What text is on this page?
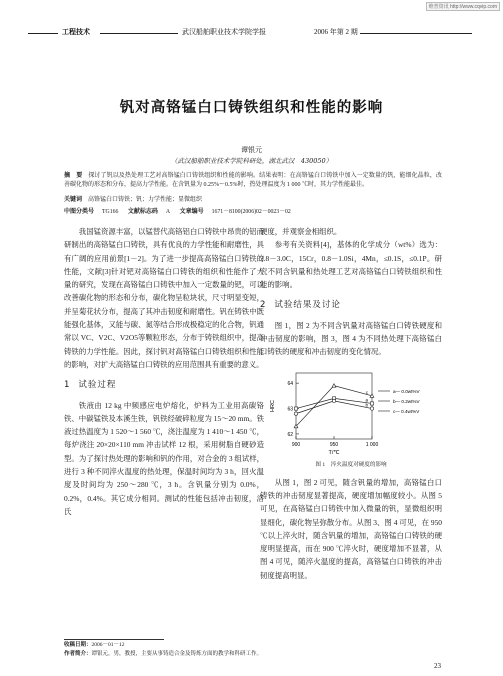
维普资讯 http://www.cqvip.com
工程技术	武汉船舶职业技术学院学报	2006 年第 2 期
钒对高铬锰白口铸铁组织和性能的影响
谭银元
（武汉船舶职业技术学院科研处，湖北武汉　430050）
摘　要 探讨了钒以及热处理工艺对高铬锰白口铸铁组织和性能的影响。结果表明：在高铬锰白口铸铁中加入一定数量的钒，能细化晶粒，改善碳化物的形态和分布，提高力学性能。在含钒量为 0.25%～0.5%时，热处理温度为 1 000 ℃时，其力学性能最佳。
关键词 高铬锰白口铸铁；钒；力学性能；显微组织
中图分类号 TG166 文献标志码 A 文章编号 1671－8100(2006)02－0023－02

我国锰资源丰富，以锰替代高铬铝白口铸铁中昂贵的铝而研制出的高铬锰白口铸铁，具有优良的力学性能和耐磨性，具有广阔的应用前景[1－2]。为了进一步提高高铬锰白口铸铁的性能，文献[3]针对钯对高铬锰白口铸铁的组织和性能作了大量的研究，发现在高铬锰白口铸铁中加入一定数量的钯，可以改善碳化物的形态和分布，碳化物呈粒块状，尺寸明显变短，并呈菊花状分布，提高了其冲击韧度和耐磨性。钒在铸铁中既能强化基体，又能与碳、氮等结合形成极稳定的化合物，钒通常以 VC、V2C、V2O5等颗粒形态，分布于铸铁组织中，提高铸铁的力学性能。因此，探讨钒对高铬锰白口铸铁组织和性能的影响，对扩大高铬锰白口铸铁的应用范围具有重要的意义。

1 试验过程

铁液由 12 kg 中频感应电炉熔化，炉料为工业用高碳铬铁、中碳锰铁及本溪生铁，钒铁经破碎粒度为 15～20 mm。铁液过热温度为 1 520～1 560 ℃，浇注温度为 1 410～1 450 ℃，每炉浇注 20×20×110 mm 冲击试样 12 根，采用树脂自硬砂造型。为了探讨热处理的影响和钒的作用，对合金的 3 组试样，进行 3 种不同淬火温度的热处理，保温时间均为 3 h，回火温度及时间均为 250～280 ℃，3 h。含钒量分别为 0.0%，0.2%，0.4%。其它成分相同。测试的性能包括冲击韧度，洛氏

硬度，并观察金相组织。

参考有关资料[4]，基体的化学成分（wt%）选为：2.8－3.0C，15Cr，0.8－1.0Si，4Mn，≤0.1S，≤0.1P。研究不同含钒量和热处理工艺对高铬锰白口铸铁组织和性能的影响。

2 试验结果及讨论

图 1，图 2 为不同含钒量对高铬锰白口铸铁硬度和冲击韧度的影响，图 3，图 4 为不同热处理下高铬锰白口铸铁的硬度和冲击韧度的变化情况。

62
63
64
900	950	1 000
HRC
T/℃
a
a— 0.0wt%V
b
b— 0.2wt%V
c
c— 0.4wt%V
图 1　淬火温度对硬度的影响

从图 1，图 2 可见，随含钒量的增加，高铬锰白口铸铁的冲击韧度显著提高，硬度增加幅度较小。从图 5 可见，在高铬锰白口铸铁中加入微量的钒，显微组织明显细化，碳化物呈弥散分布。从图 3、图 4 可见，在 950 ℃以上淬火时，随含钒量的增加，高铬锰白口铸铁的硬度明显提高，而在 900 ℃淬火时，硬度增加不显著，从图 4 可见，随淬火温度的提高，高铬锰白口铸铁的冲击韧度提高明显。

收稿日期：2006－01－12
作者简介：谭银元，男，教授，主要从事铸造合金及铸炼方面的教学和科研工作。
23
